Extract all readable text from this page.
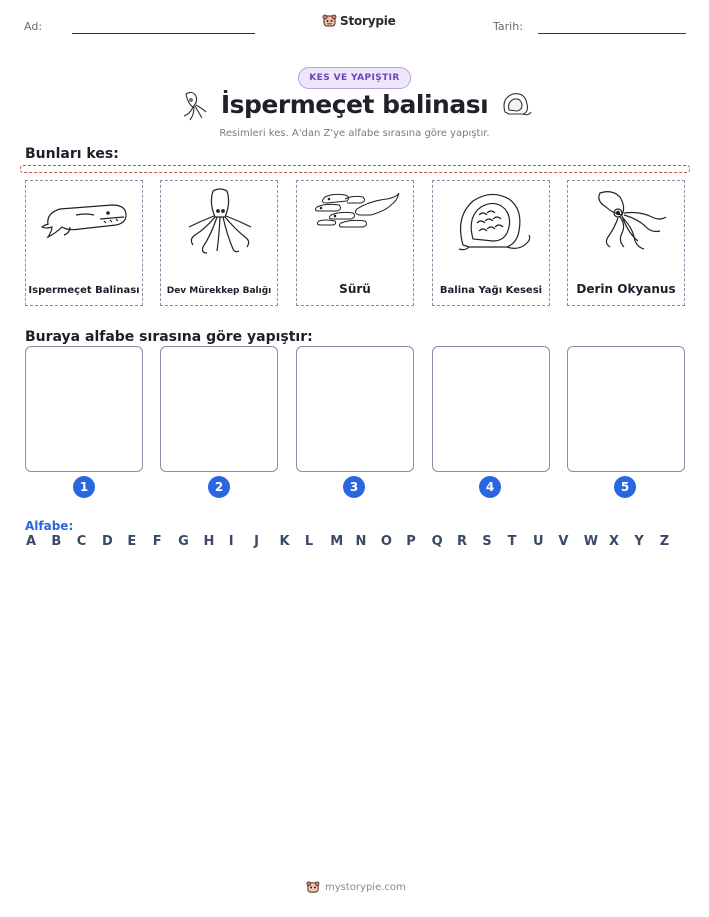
Ad:	Storypie	Tarih:
KES VE YAPIŞTIR
İspermeçet balinası
Resimleri kes. A'dan Z'ye alfabe sırasına göre yapıştır.
Bunları kes:
Ispermeçet Balinası	Dev Mürekkep Balığı	Sürü	Balina Yağı Kesesi	Derin Okyanus
Buraya alfabe sırasına göre yapıştır:
1	2	3	4	5
Alfabe:
A B C D E F G H I J K L M N O P Q R S T U V W X Y Z
mystorypie.com
